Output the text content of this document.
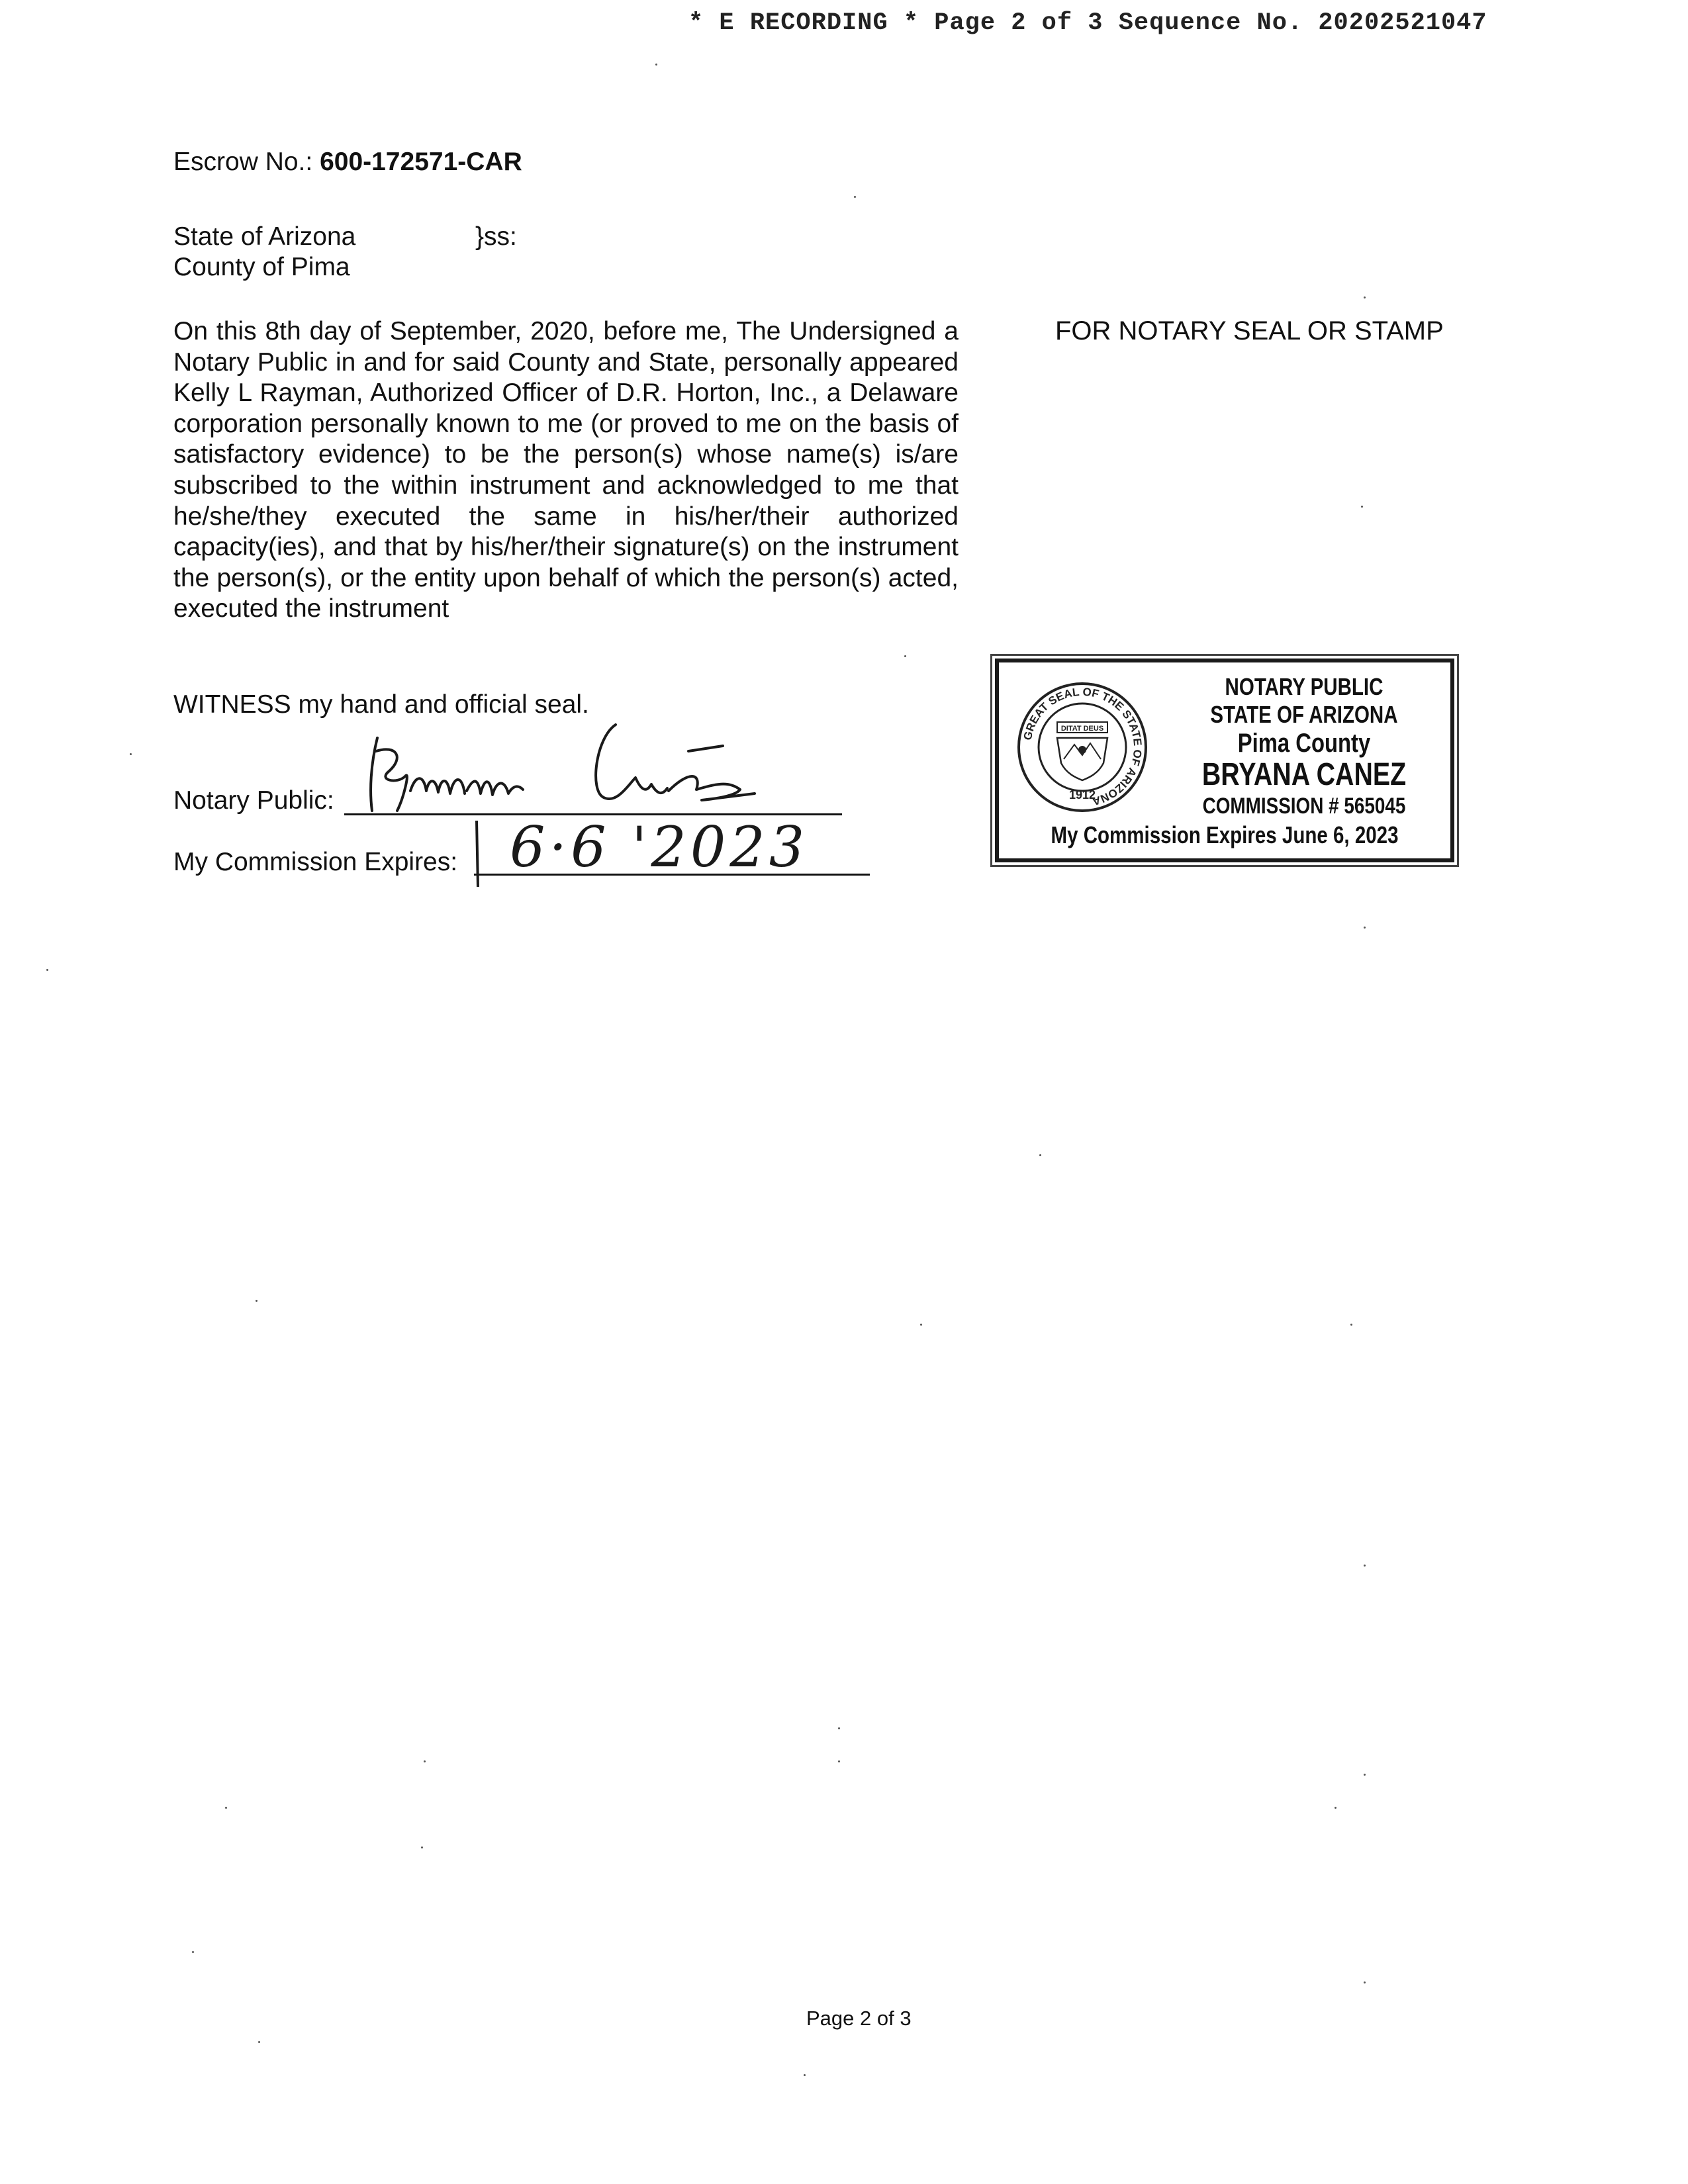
* E RECORDING * Page 2 of 3 Sequence No. 20202521047
Escrow No.: 600-172571-CAR
State of Arizona	}ss:
County of Pima
On this 8th day of September, 2020, before me, The Undersigned a Notary Public in and for said County and State, personally appeared Kelly L Rayman, Authorized Officer of D.R. Horton, Inc., a Delaware corporation personally known to me (or proved to me on the basis of satisfactory evidence) to be the person(s) whose name(s) is/are subscribed to the within instrument and acknowledged to me that he/she/they executed the same in his/her/their authorized capacity(ies), and that by his/her/their signature(s) on the instrument the person(s), or the entity upon behalf of which the person(s) acted, executed the instrument
FOR NOTARY SEAL OR STAMP
WITNESS my hand and official seal.
Notary Public:
My Commission Expires: 6·6 '2023
GREAT SEAL OF THE STATE OF ARIZONA
DITAT DEUS
1912
NOTARY PUBLIC
STATE OF ARIZONA
Pima County
BRYANA CANEZ
COMMISSION # 565045
My Commission Expires June 6, 2023
Page 2 of 3
